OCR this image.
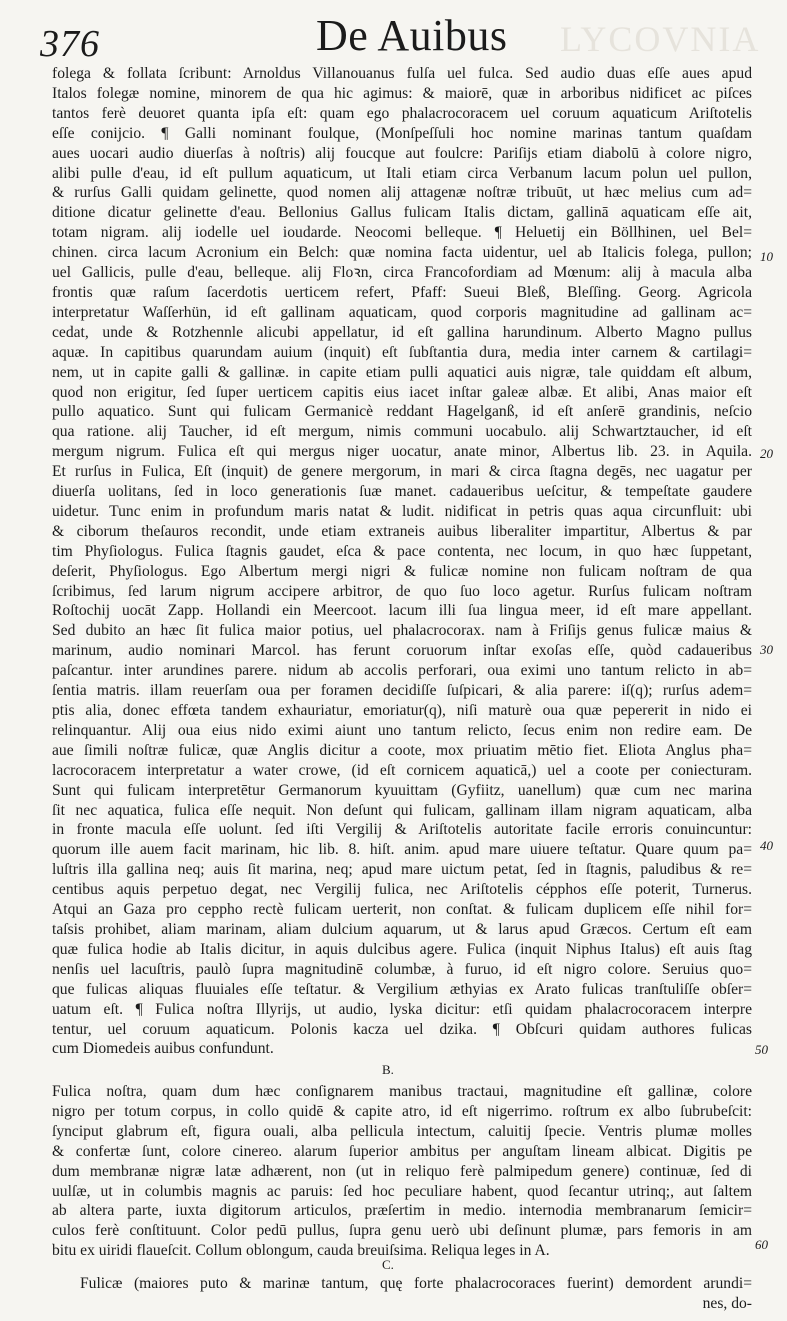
376	De Auibus LYCOVNIA
folega & follata ſcribunt: Arnoldus Villanouanus fulſa uel fulca. Sed audio duas eſſe aues apud
Italos folegæ nomine, minorem de qua hic agimus: & maiorē, quæ in arboribus nidificet ac piſces
tantos ferè deuoret quanta ipſa eſt: quam ego phalacrocoracem uel coruum aquaticum Ariſtotelis
eſſe conijcio. ¶ Galli nominant foulque, (Monſpeſſuli hoc nomine marinas tantum quaſdam
aues uocari audio diuerſas à noſtris) alij foucque aut foulcre: Pariſijs etiam diabolū à colore nigro,
alibi pulle d'eau, id eſt pullum aquaticum, ut Itali etiam circa Verbanum lacum polun uel pullon,
& rurſus Galli quidam gelinette, quod nomen alij attagenæ noſtræ tribuūt, ut hæc melius cum ad=
ditione dicatur gelinette d'eau. Bellonius Gallus fulicam Italis dictam, gallinā aquaticam eſſe ait,
totam nigram. alij iodelle uel ioudarde. Neocomi belleque. ¶ Heluetij ein Böllhinen, uel Bel=
chinen. circa lacum Acronium ein Belch: quæ nomina facta uidentur, uel ab Italicis folega, pullon;
uel Gallicis, pulle d'eau, belleque. alij Floꝛn, circa Francofordiam ad Mœnum: alij à macula alba
frontis quæ raſum ſacerdotis uerticem refert, Pfaff: Sueui Bleß, Bleſſing. Georg. Agricola
interpretatur Waſſerhün, id eſt gallinam aquaticam, quod corporis magnitudine ad gallinam ac=
cedat, unde & Rotzhennle alicubi appellatur, id eſt gallina harundinum. Alberto Magno pullus
aquæ. In capitibus quarundam auium (inquit) eſt ſubſtantia dura, media inter carnem & cartilagi=
nem, ut in capite galli & gallinæ. in capite etiam pulli aquatici auis nigræ, tale quiddam eſt album,
quod non erigitur, ſed ſuper uerticem capitis eius iacet inſtar galeæ albæ. Et alibi, Anas maior eſt
pullo aquatico. Sunt qui fulicam Germanicè reddant Hagelganß, id eſt anſerē grandinis, neſcio
qua ratione. alij Taucher, id eſt mergum, nimis communi uocabulo. alij Schwartztaucher, id eſt
mergum nigrum. Fulica eſt qui mergus niger uocatur, anate minor, Albertus lib. 23. in Aquila.
Et rurſus in Fulica, Eſt (inquit) de genere mergorum, in mari & circa ſtagna degēs, nec uagatur per
diuerſa uolitans, ſed in loco generationis ſuæ manet. cadaueribus ueſcitur, & tempeſtate gaudere
uidetur. Tunc enim in profundum maris natat & ludit. nidificat in petris quas aqua circunfluit: ubi
& ciborum theſauros recondit, unde etiam extraneis auibus liberaliter impartitur, Albertus & par
tim Phyſiologus. Fulica ſtagnis gaudet, eſca & pace contenta, nec locum, in quo hæc ſuppetant,
deſerit, Phyſiologus. Ego Albertum mergi nigri & fulicæ nomine non fulicam noſtram de qua
ſcribimus, ſed larum nigrum accipere arbitror, de quo ſuo loco agetur. Rurſus fulicam noſtram
Roſtochij uocāt Zapp. Hollandi ein Meercoot. lacum illi ſua lingua meer, id eſt mare appellant.
Sed dubito an hæc ſit fulica maior potius, uel phalacrocorax. nam à Friſijs genus fulicæ maius &
marinum, audio nominari Marcol. has ferunt coruorum inſtar exoſas eſſe, quòd cadaueribus
paſcantur. inter arundines parere. nidum ab accolis perforari, oua eximi uno tantum relicto in ab=
ſentia matris. illam reuerſam oua per foramen decidiſſe ſuſpicari, & alia parere: iſ(q); rurſus adem=
ptis alia, donec effœta tandem exhauriatur, emoriatur(q), niſi maturè oua quæ pepererit in nido ei
relinquantur. Alij oua eius nido eximi aiunt uno tantum relicto, ſecus enim non redire eam. De
aue ſimili noſtræ fulicæ, quæ Anglis dicitur a coote, mox priuatim mētio fiet. Eliota Anglus pha=
lacrocoracem interpretatur a water crowe, (id eſt cornicem aquaticā,) uel a coote per coniecturam.
Sunt qui fulicam interpretētur Germanorum kyuuittam (Gyfiitz, uanellum) quæ cum nec marina
ſit nec aquatica, fulica eſſe nequit. Non deſunt qui fulicam, gallinam illam nigram aquaticam, alba
in fronte macula eſſe uolunt. ſed iſti Vergilij & Ariſtotelis autoritate facile erroris conuincuntur:
quorum ille auem facit marinam, hic lib. 8. hiſt. anim. apud mare uiuere teſtatur. Quare quum pa=
luſtris illa gallina neq; auis ſit marina, neq; apud mare uictum petat, ſed in ſtagnis, paludibus & re=
centibus aquis perpetuo degat, nec Vergilij fulica, nec Ariſtotelis cépphos eſſe poterit, Turnerus.
Atqui an Gaza pro ceppho rectè fulicam uerterit, non conſtat. & fulicam duplicem eſſe nihil for=
taſsis prohibet, aliam marinam, aliam dulcium aquarum, ut & larus apud Græcos. Certum eſt eam
quæ fulica hodie ab Italis dicitur, in aquis dulcibus agere. Fulica (inquit Niphus Italus) eſt auis ſtag
nenſis uel lacuſtris, paulò ſupra magnitudinē columbæ, à furuo, id eſt nigro colore. Seruius quo=
que fulicas aliquas fluuiales eſſe teſtatur. & Vergilium æthyias ex Arato fulicas tranſtuliſſe obſer=
uatum eſt. ¶ Fulica noſtra Illyrijs, ut audio, lyska dicitur: etſi quidam phalacrocoracem interpre
tentur, uel coruum aquaticum. Polonis kacza uel dzika. ¶ Obſcuri quidam authores fulicas
cum Diomedeis auibus confundunt.
10
20
30
40
50
60
B.
Fulica noſtra, quam dum hæc conſignarem manibus tractaui, magnitudine eſt gallinæ, colore
nigro per totum corpus, in collo quidē & capite atro, id eſt nigerrimo. roſtrum ex albo ſubrubeſcit:
ſynciput glabrum eſt, figura ouali, alba pellicula intectum, caluitij ſpecie. Ventris plumæ molles
& confertæ ſunt, colore cinereo. alarum ſuperior ambitus per anguſtam lineam albicat. Digitis pe
dum membranæ nigræ latæ adhærent, non (ut in reliquo ferè palmipedum genere) continuæ, ſed di
uulſæ, ut in columbis magnis ac paruis: ſed hoc peculiare habent, quod ſecantur utrinq;, aut ſaltem
ab altera parte, iuxta digitorum articulos, præſertim in medio. internodia membranarum ſemicir=
culos ferè conſtituunt. Color pedū pullus, ſupra genu uerò ubi deſinunt plumæ, pars femoris in am
bitu ex uiridi flaueſcit. Collum oblongum, cauda breuiſsima. Reliqua leges in A.
C.
Fulicæ (maiores puto & marinæ tantum, quę forte phalacrocoraces fuerint) demordent arundi=
nes, do-
